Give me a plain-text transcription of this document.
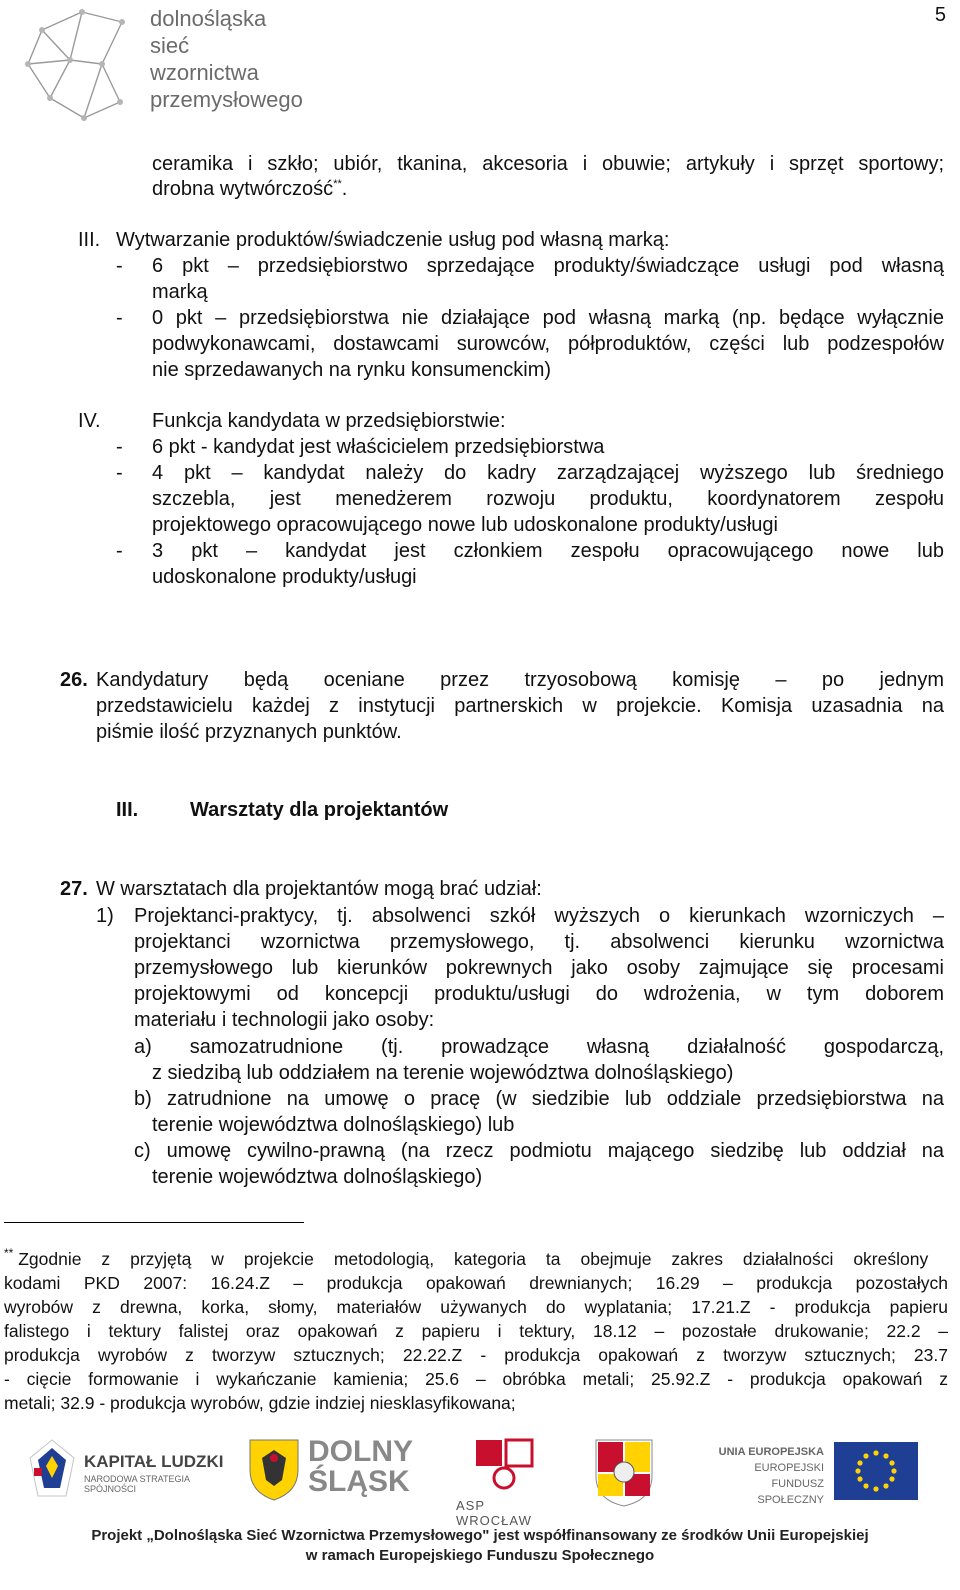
dolnośląska
sieć
wzornictwa
przemysłowego
5
ceramika i szkło; ubiór, tkanina, akcesoria i obuwie; artykuły i sprzęt sportowy;
drobna wytwórczość**.
III. Wytwarzanie produktów/świadczenie usług pod własną marką:
- 6 pkt – przedsiębiorstwo sprzedające produkty/świadczące usługi pod własną
marką
- 0 pkt – przedsiębiorstwa nie działające pod własną marką (np. będące wyłącznie
podwykonawcami, dostawcami surowców, półproduktów, części lub podzespołów
nie sprzedawanych na rynku konsumenckim)
IV.	Funkcja kandydata w przedsiębiorstwie:
- 6 pkt - kandydat jest właścicielem przedsiębiorstwa
- 4 pkt – kandydat należy do kadry zarządzającej wyższego lub średniego
szczebla, jest menedżerem rozwoju produktu, koordynatorem zespołu
projektowego opracowującego nowe lub udoskonalone produkty/usługi
- 3 pkt – kandydat jest członkiem zespołu opracowującego nowe lub
udoskonalone produkty/usługi
26. Kandydatury będą oceniane przez trzyosobową komisję – po jednym
przedstawicielu każdej z instytucji partnerskich w projekcie. Komisja uzasadnia na
piśmie ilość przyznanych punktów.
III.	Warsztaty dla projektantów
27. W warsztatach dla projektantów mogą brać udział:
1) Projektanci-praktycy, tj. absolwenci szkół wyższych o kierunkach wzorniczych –
projektanci wzornictwa przemysłowego, tj. absolwenci kierunku wzornictwa
przemysłowego lub kierunków pokrewnych jako osoby zajmujące się procesami
projektowymi od koncepcji produktu/usługi do wdrożenia, w tym doborem
materiału i technologii jako osoby:
a) samozatrudnione (tj. prowadzące własną działalność gospodarczą,
z siedzibą lub oddziałem na terenie województwa dolnośląskiego)
b) zatrudnione na umowę o pracę (w siedzibie lub oddziale przedsiębiorstwa na
terenie województwa dolnośląskiego) lub
c) umowę cywilno-prawną (na rzecz podmiotu mającego siedzibę lub oddział na
terenie województwa dolnośląskiego)
** Zgodnie z przyjętą w projekcie metodologią, kategoria ta obejmuje zakres działalności określony
kodami PKD 2007: 16.24.Z – produkcja opakowań drewnianych; 16.29 – produkcja pozostałych
wyrobów z drewna, korka, słomy, materiałów używanych do wyplatania; 17.21.Z - produkcja papieru
falistego i tektury falistej oraz opakowań z papieru i tektury, 18.12 – pozostałe drukowanie; 22.2 –
produkcja wyrobów z tworzyw sztucznych; 22.22.Z - produkcja opakowań z tworzyw sztucznych; 23.7
- cięcie formowanie i wykańczanie kamienia; 25.6 – obróbka metali; 25.92.Z - produkcja opakowań z
metali; 32.9 - produkcja wyrobów, gdzie indziej niesklasyfikowana;
KAPITAŁ LUDZKI
NARODOWA STRATEGIA SPÓJNOŚCI
DOLNY
ŚLĄSK
ASP WROCŁAW
UNIA EUROPEJSKA
EUROPEJSKI
FUNDUSZ SPOŁECZNY
Projekt „Dolnośląska Sieć Wzornictwa Przemysłowego" jest współfinansowany ze środków Unii Europejskiej
w ramach Europejskiego Funduszu Społecznego
